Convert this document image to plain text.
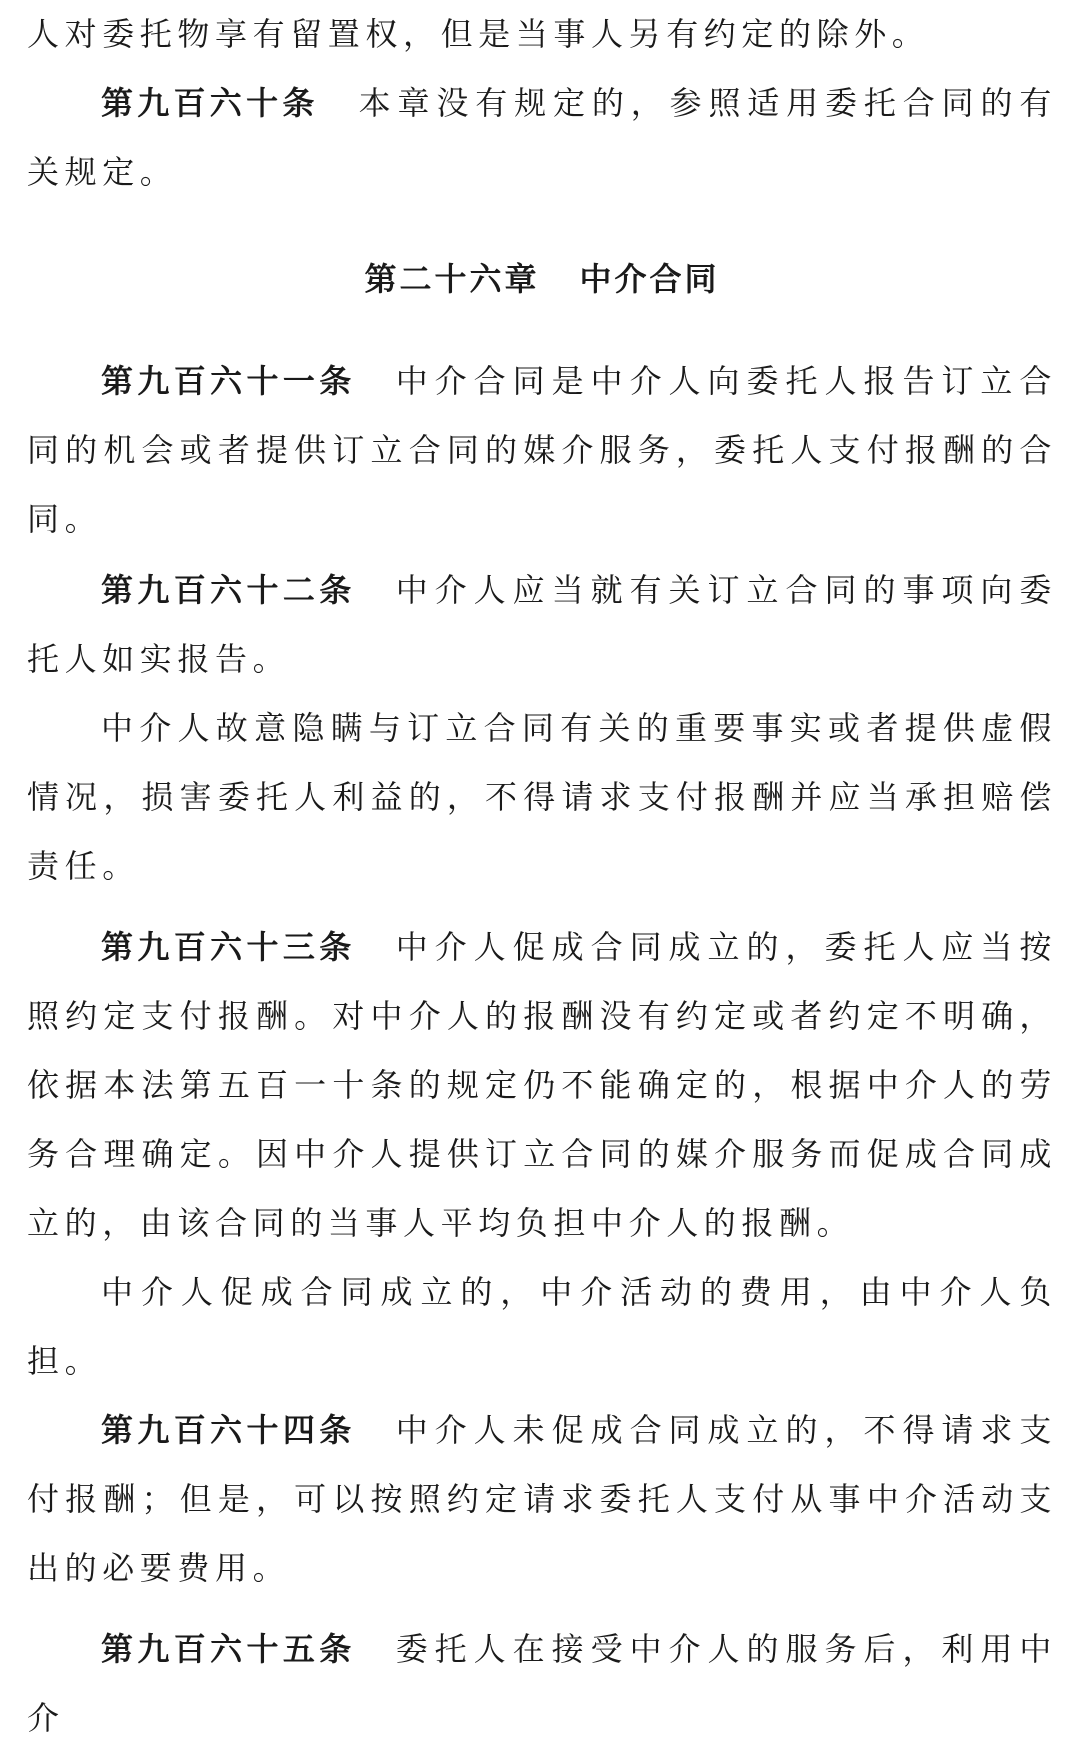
人对委托物享有留置权，但是当事人另有约定的除外。

第九百六十条 本章没有规定的，参照适用委托合同的有关规定。

第二十六章 中介合同

第九百六十一条 中介合同是中介人向委托人报告订立合同的机会或者提供订立合同的媒介服务，委托人支付报酬的合同。

第九百六十二条 中介人应当就有关订立合同的事项向委托人如实报告。

中介人故意隐瞒与订立合同有关的重要事实或者提供虚假情况，损害委托人利益的，不得请求支付报酬并应当承担赔偿责任。

第九百六十三条 中介人促成合同成立的，委托人应当按照约定支付报酬。对中介人的报酬没有约定或者约定不明确，依据本法第五百一十条的规定仍不能确定的，根据中介人的劳务合理确定。因中介人提供订立合同的媒介服务而促成合同成立的，由该合同的当事人平均负担中介人的报酬。

中介人促成合同成立的，中介活动的费用，由中介人负担。

第九百六十四条 中介人未促成合同成立的，不得请求支付报酬；但是，可以按照约定请求委托人支付从事中介活动支出的必要费用。

第九百六十五条 委托人在接受中介人的服务后，利用中介
